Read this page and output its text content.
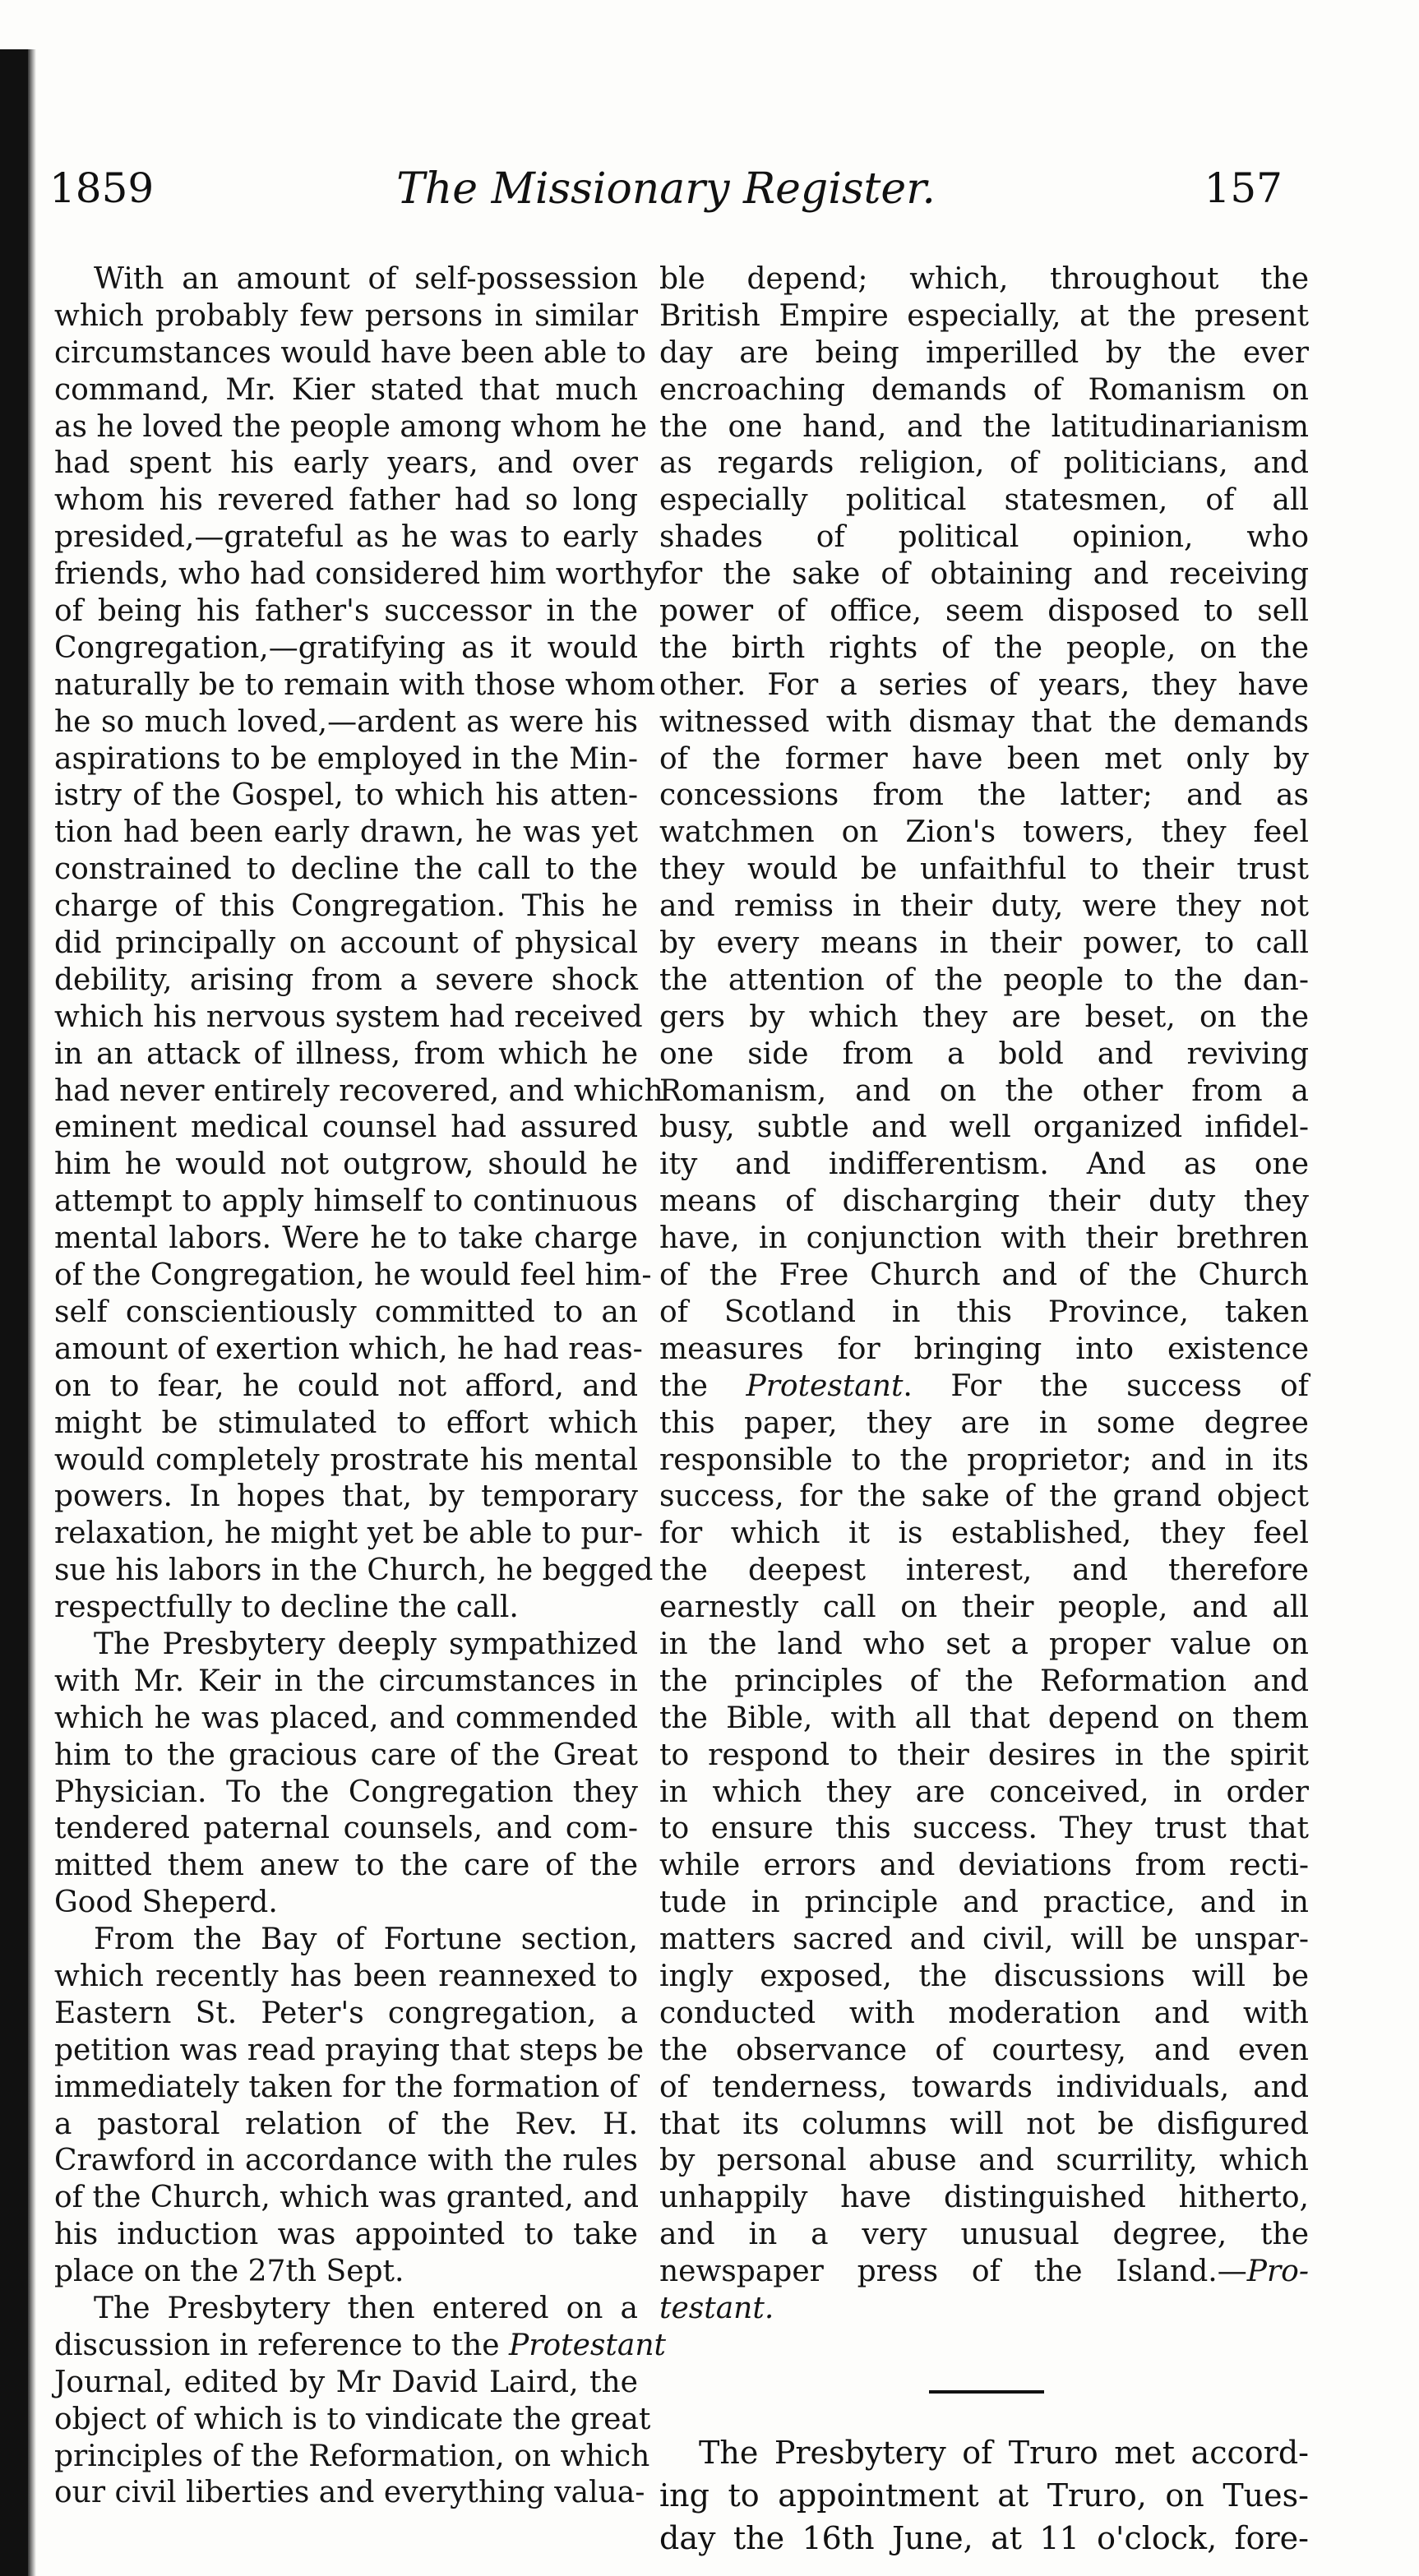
1859	The Missionary Register.	157
With an amount of self-possession
which probably few persons in similar
circumstances would have been able to
command, Mr. Kier stated that much
as he loved the people among whom he
had spent his early years, and over
whom his revered father had so long
presided,—grateful as he was to early
friends, who had considered him worthy
of being his father's successor in the
Congregation,—gratifying as it would
naturally be to remain with those whom
he so much loved,—ardent as were his
aspirations to be employed in the Min-
istry of the Gospel, to which his atten-
tion had been early drawn, he was yet
constrained to decline the call to the
charge of this Congregation. This he
did principally on account of physical
debility, arising from a severe shock
which his nervous system had received
in an attack of illness, from which he
had never entirely recovered, and which
eminent medical counsel had assured
him he would not outgrow, should he
attempt to apply himself to continuous
mental labors. Were he to take charge
of the Congregation, he would feel him-
self conscientiously committed to an
amount of exertion which, he had reas-
on to fear, he could not afford, and
might be stimulated to effort which
would completely prostrate his mental
powers. In hopes that, by temporary
relaxation, he might yet be able to pur-
sue his labors in the Church, he begged
respectfully to decline the call.
The Presbytery deeply sympathized
with Mr. Keir in the circumstances in
which he was placed, and commended
him to the gracious care of the Great
Physician. To the Congregation they
tendered paternal counsels, and com-
mitted them anew to the care of the
Good Sheperd.
From the Bay of Fortune section,
which recently has been reannexed to
Eastern St. Peter's congregation, a
petition was read praying that steps be
immediately taken for the formation of
a pastoral relation of the Rev. H.
Crawford in accordance with the rules
of the Church, which was granted, and
his induction was appointed to take
place on the 27th Sept.
The Presbytery then entered on a
discussion in reference to the Protestant
Journal, edited by Mr David Laird, the
object of which is to vindicate the great
principles of the Reformation, on which
our civil liberties and everything valua-
ble depend; which, throughout the
British Empire especially, at the present
day are being imperilled by the ever
encroaching demands of Romanism on
the one hand, and the latitudinarianism
as regards religion, of politicians, and
especially political statesmen, of all
shades of political opinion, who
for the sake of obtaining and receiving
power of office, seem disposed to sell
the birth rights of the people, on the
other. For a series of years, they have
witnessed with dismay that the demands
of the former have been met only by
concessions from the latter; and as
watchmen on Zion's towers, they feel
they would be unfaithful to their trust
and remiss in their duty, were they not
by every means in their power, to call
the attention of the people to the dan-
gers by which they are beset, on the
one side from a bold and reviving
Romanism, and on the other from a
busy, subtle and well organized infidel-
ity and indifferentism. And as one
means of discharging their duty they
have, in conjunction with their brethren
of the Free Church and of the Church
of Scotland in this Province, taken
measures for bringing into existence
the Protestant. For the success of
this paper, they are in some degree
responsible to the proprietor; and in its
success, for the sake of the grand object
for which it is established, they feel
the deepest interest, and therefore
earnestly call on their people, and all
in the land who set a proper value on
the principles of the Reformation and
the Bible, with all that depend on them
to respond to their desires in the spirit
in which they are conceived, in order
to ensure this success. They trust that
while errors and deviations from recti-
tude in principle and practice, and in
matters sacred and civil, will be unspar-
ingly exposed, the discussions will be
conducted with moderation and with
the observance of courtesy, and even
of tenderness, towards individuals, and
that its columns will not be disfigured
by personal abuse and scurrility, which
unhappily have distinguished hitherto,
and in a very unusual degree, the
newspaper press of the Island.—Pro-
testant.
The Presbytery of Truro met accord-
ing to appointment at Truro, on Tues-
day the 16th June, at 11 o'clock, fore-
